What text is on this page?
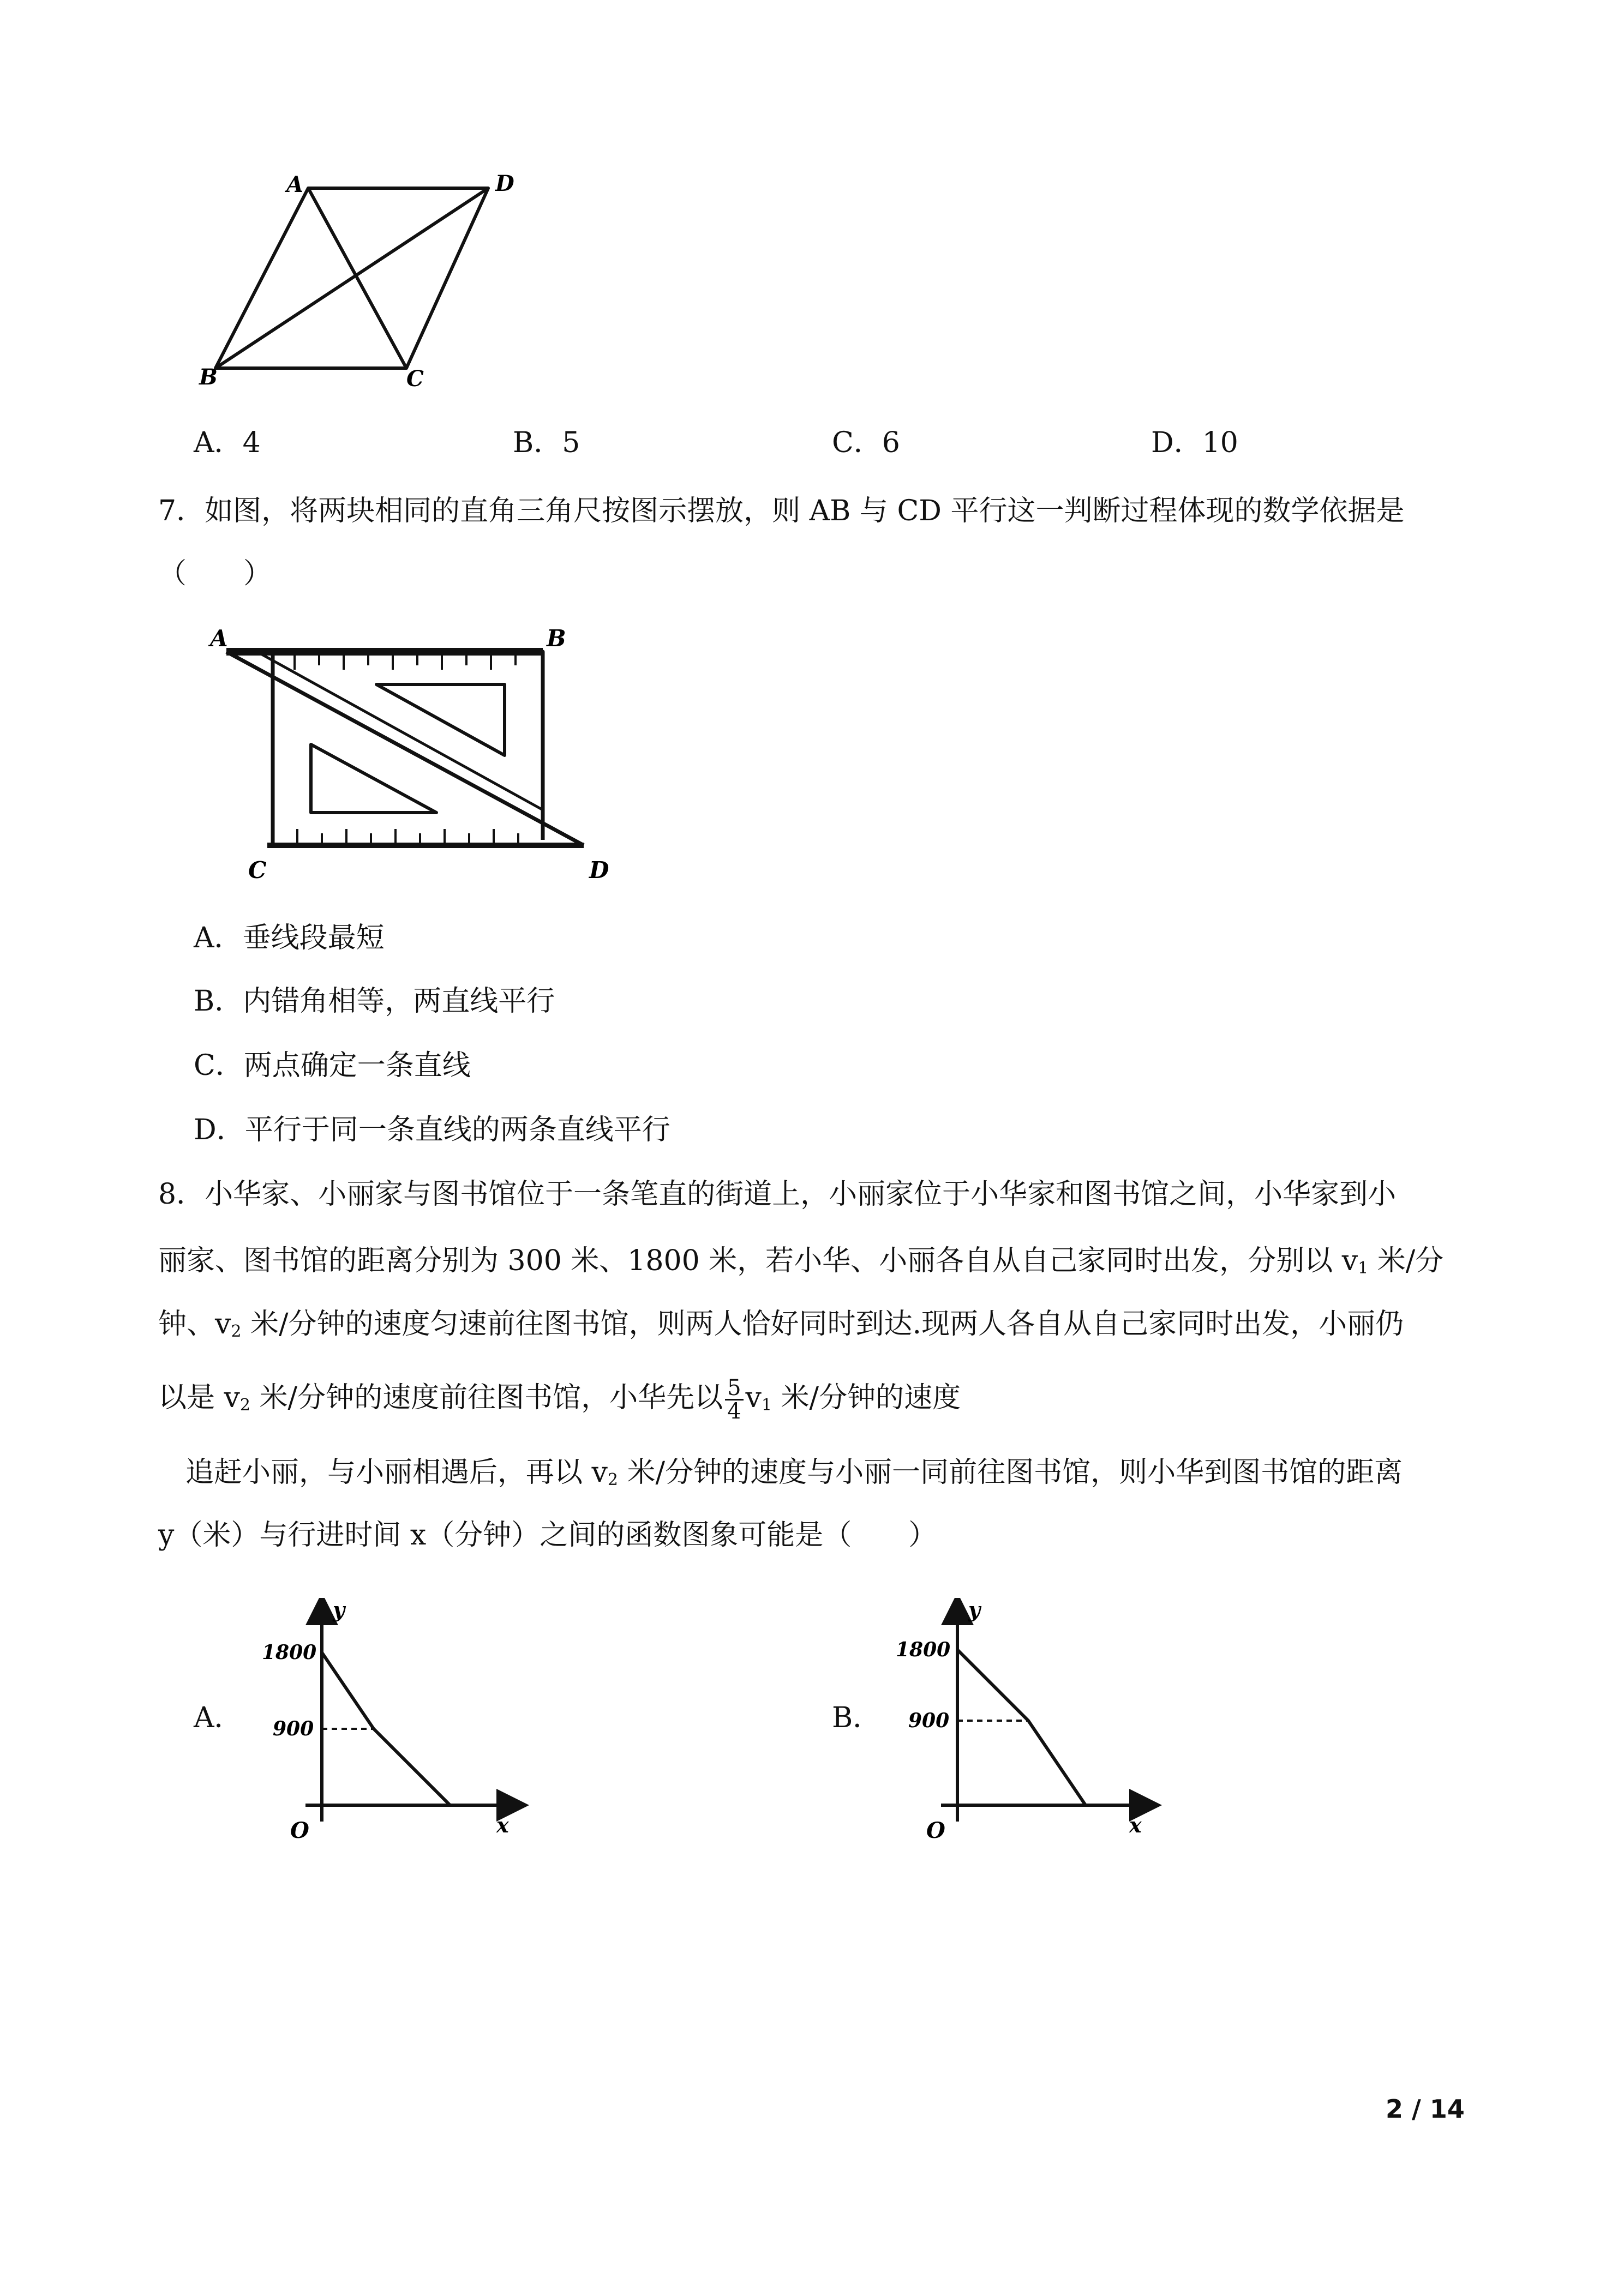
A	D
B	C
A．4	B．5	C．6	D．10
7．如图，将两块相同的直角三角尺按图示摆放，则 AB 与 CD 平行这一判断过程体现的数学依据是
（　　）
A	B
C	D
A．垂线段最短
B．内错角相等，两直线平行
C．两点确定一条直线
D．平行于同一条直线的两条直线平行
8．小华家、小丽家与图书馆位于一条笔直的街道上，小丽家位于小华家和图书馆之间，小华家到小
丽家、图书馆的距离分别为 300 米、1800 米，若小华、小丽各自从自己家同时出发，分别以 $v_1$ 米/分
钟、$v_2$ 米/分钟的速度匀速前往图书馆，则两人恰好同时到达.现两人各自从自己家同时出发，小丽仍
以是 $v_2$ 米/分钟的速度前往图书馆，小华先以 $\frac{5}{4} v_1$ 米/分钟的速度
追赶小丽，与小丽相遇后，再以 $v_2$ 米/分钟的速度与小丽一同前往图书馆，则小华到图书馆的距离
y（米）与行进时间 x（分钟）之间的函数图象可能是（　　）
A．
y
1800
900
O	x
B．
y
1800
900
O	x
2 / 14
